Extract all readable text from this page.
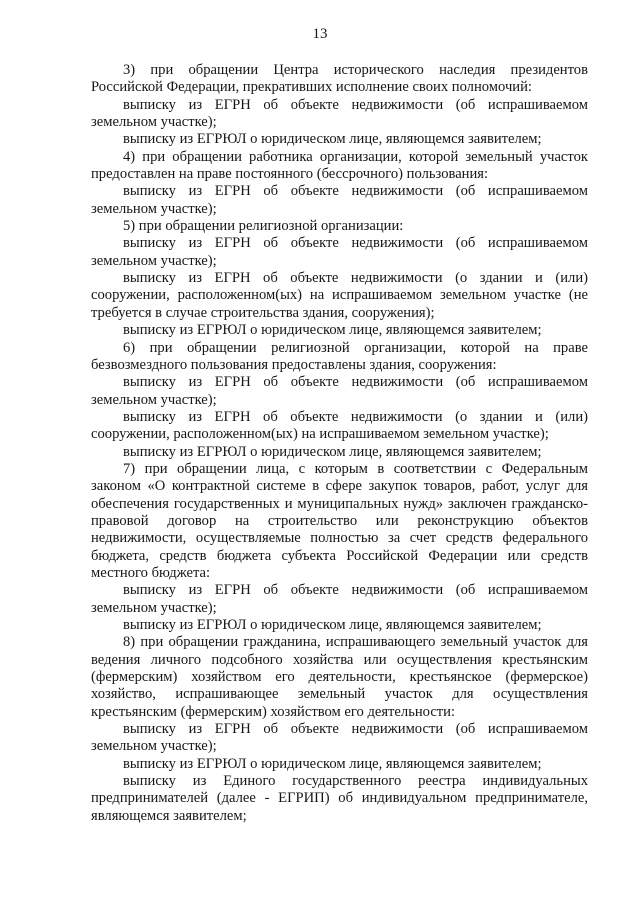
13

3) при обращении Центра исторического наследия президентов Российской Федерации, прекративших исполнение своих полномочий:

выписку из ЕГРН об объекте недвижимости (об испрашиваемом земельном участке);

выписку из ЕГРЮЛ о юридическом лице, являющемся заявителем;

4) при обращении работника организации, которой земельный участок предоставлен на праве постоянного (бессрочного) пользования:

выписку из ЕГРН об объекте недвижимости (об испрашиваемом земельном участке);

5) при обращении религиозной организации:

выписку из ЕГРН об объекте недвижимости (об испрашиваемом земельном участке);

выписку из ЕГРН об объекте недвижимости (о здании и (или) сооружении, расположенном(ых) на испрашиваемом земельном участке (не требуется в случае строительства здания, сооружения);

выписку из ЕГРЮЛ о юридическом лице, являющемся заявителем;

6) при обращении религиозной организации, которой на праве безвозмездного пользования предоставлены здания, сооружения:

выписку из ЕГРН об объекте недвижимости (об испрашиваемом земельном участке);

выписку из ЕГРН об объекте недвижимости (о здании и (или) сооружении, расположенном(ых) на испрашиваемом земельном участке);

выписку из ЕГРЮЛ о юридическом лице, являющемся заявителем;

7) при обращении лица, с которым в соответствии с Федеральным законом «О контрактной системе в сфере закупок товаров, работ, услуг для обеспечения государственных и муниципальных нужд» заключен гражданско-правовой договор на строительство или реконструкцию объектов недвижимости, осуществляемые полностью за счет средств федерального бюджета, средств бюджета субъекта Российской Федерации или средств местного бюджета:

выписку из ЕГРН об объекте недвижимости (об испрашиваемом земельном участке);

выписку из ЕГРЮЛ о юридическом лице, являющемся заявителем;

8) при обращении гражданина, испрашивающего земельный участок для ведения личного подсобного хозяйства или осуществления крестьянским (фермерским) хозяйством его деятельности, крестьянское (фермерское) хозяйство, испрашивающее земельный участок для осуществления крестьянским (фермерским) хозяйством его деятельности:

выписку из ЕГРН об объекте недвижимости (об испрашиваемом земельном участке);

выписку из ЕГРЮЛ о юридическом лице, являющемся заявителем;

выписку из Единого государственного реестра индивидуальных предпринимателей (далее - ЕГРИП) об индивидуальном предпринимателе, являющемся заявителем;
